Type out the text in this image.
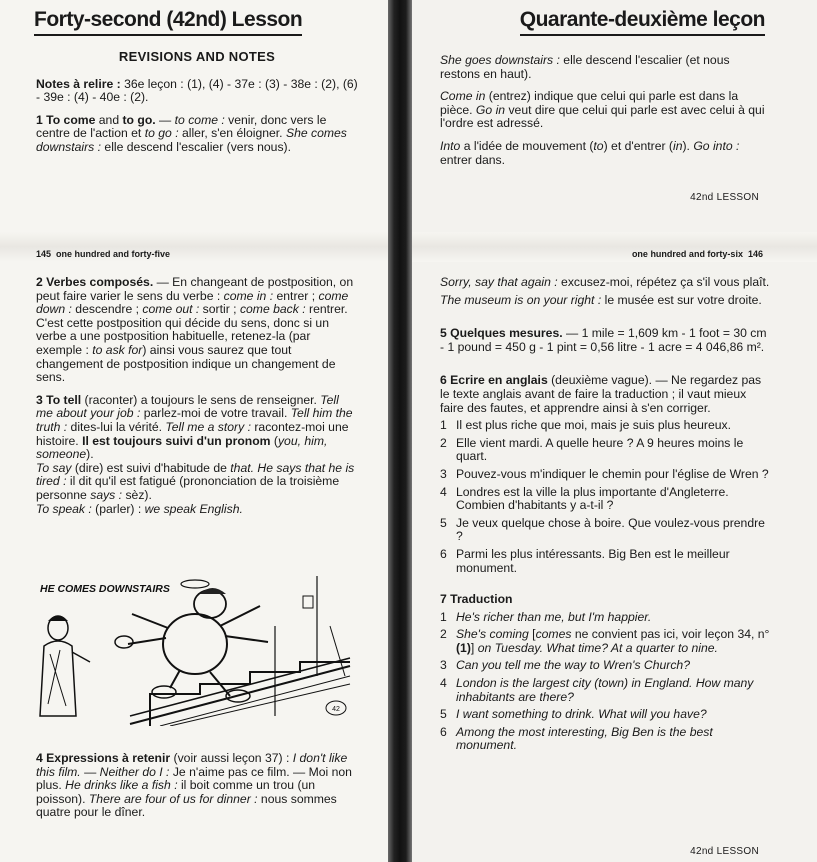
Forty-second (42nd) Lesson
REVISIONS AND NOTES

Notes à relire : 36e leçon : (1), (4) - 37e : (3) - 38e : (2), (6) - 39e : (4) - 40e : (2).

1 To come and to go. — to come : venir, donc vers le centre de l'action et to go : aller, s'en éloigner. She comes downstairs : elle descend l'escalier (vers nous).

145 one hundred and forty-five

2 Verbes composés. — En changeant de postposition, on peut faire varier le sens du verbe : come in : entrer ; come down : descendre ; come out : sortir ; come back : rentrer.
C'est cette postposition qui décide du sens, donc si un verbe a une postposition habituelle, retenez-la (par exemple : to ask for) ainsi vous saurez que tout changement de postposition indique un changement de sens.

3 To tell (raconter) a toujours le sens de renseigner. Tell me about your job : parlez-moi de votre travail. Tell him the truth : dites-lui la vérité. Tell me a story : racontez-moi une histoire. Il est toujours suivi d'un pronom (you, him, someone).
To say (dire) est suivi d'habitude de that. He says that he is tired : il dit qu'il est fatigué (prononciation de la troisième personne says : sèz).
To speak : (parler) : we speak English.

HE COMES DOWNSTAIRS
42

4 Expressions à retenir (voir aussi leçon 37) : I don't like this film. — Neither do I : Je n'aime pas ce film. — Moi non plus. He drinks like a fish : il boit comme un trou (un poisson). There are four of us for dinner : nous sommes quatre pour le dîner.

Quarante-deuxième leçon

She goes downstairs : elle descend l'escalier (et nous restons en haut).

Come in (entrez) indique que celui qui parle est dans la pièce. Go in veut dire que celui qui parle est avec celui à qui l'ordre est adressé.

Into a l'idée de mouvement (to) et d'entrer (in). Go into : entrer dans.

42nd LESSON
one hundred and forty-six 146

Sorry, say that again : excusez-moi, répétez ça s'il vous plaît.

The museum is on your right : le musée est sur votre droite.

5 Quelques mesures. — 1 mile = 1,609 km - 1 foot = 30 cm - 1 pound = 450 g - 1 pint = 0,56 litre - 1 acre = 4 046,86 m².

6 Ecrire en anglais (deuxième vague). — Ne regardez pas le texte anglais avant de faire la traduction ; il vaut mieux faire des fautes, et apprendre ainsi à s'en corriger.

1 Il est plus riche que moi, mais je suis plus heureux.
2 Elle vient mardi. A quelle heure ? A 9 heures moins le quart.
3 Pouvez-vous m'indiquer le chemin pour l'église de Wren ?
4 Londres est la ville la plus importante d'Angleterre. Combien d'habitants y a-t-il ?
5 Je veux quelque chose à boire. Que voulez-vous prendre ?
6 Parmi les plus intéressants. Big Ben est le meilleur monument.

7 Traduction

1 He's richer than me, but I'm happier.
2 She's coming [comes ne convient pas ici, voir leçon 34, n° (1)] on Tuesday. What time? At a quarter to nine.
3 Can you tell me the way to Wren's Church?
4 London is the largest city (town) in England. How many inhabitants are there?
5 I want something to drink. What will you have?
6 Among the most interesting, Big Ben is the best monument.
42nd LESSON
